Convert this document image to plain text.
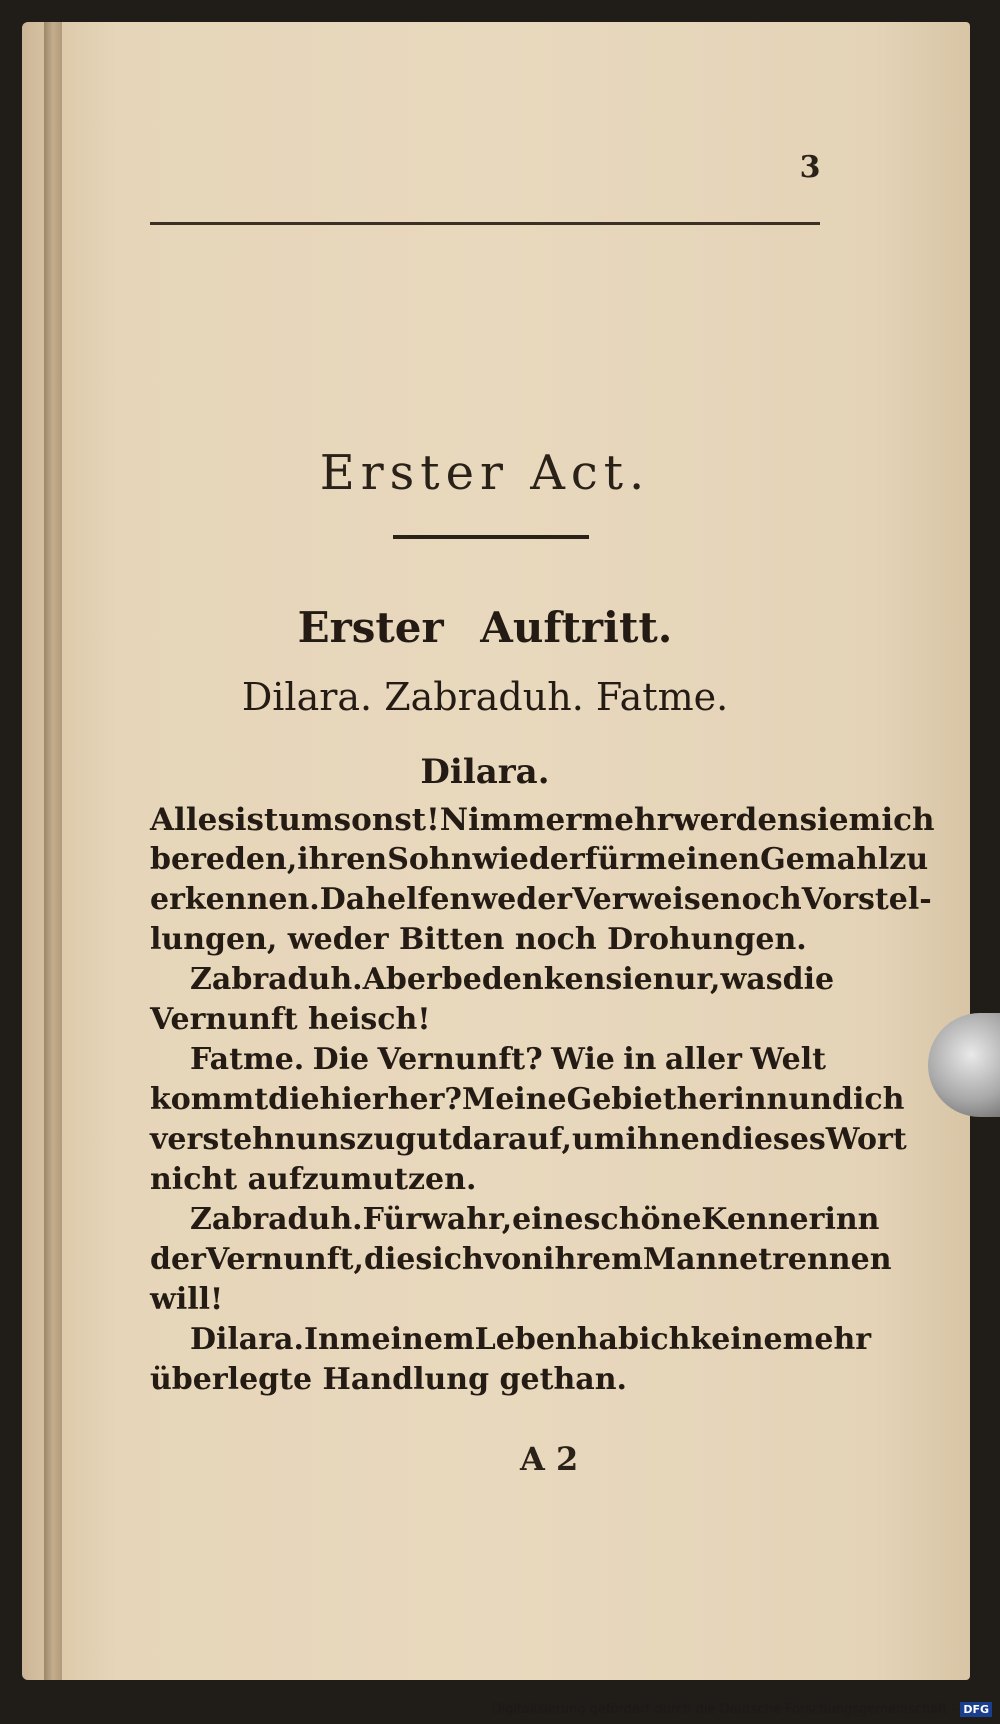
3
Erster Act.
Erster Auftritt.
Dilara. Zabraduh. Fatme.
Dilara.
Alles ist umsonst! Nimmermehr werden sie mich
bereden, ihren Sohn wieder für meinen Gemahl zu
erkennen. Da helfen weder Verweise noch Vorstel-
lungen, weder Bitten noch Drohungen.
Zabraduh. Aber bedenken sie nur, was die
Vernunft heisch!
Fatme. Die Vernunft? Wie in aller Welt
kommt die hierher? Meine Gebietherinn und ich
verstehn uns zu gut darauf, um ihnen dieses Wort
nicht aufzumutzen.
Zabraduh. Fürwahr, eine schöne Kennerinn
der Vernunft, die sich von ihrem Manne trennen
will!
Dilara. In meinem Leben hab ich keine mehr
überlegte Handlung gethan.
A 2
Digitalisierung gefördert durch die Deutsche Forschungsgemeinschaft - DFG
